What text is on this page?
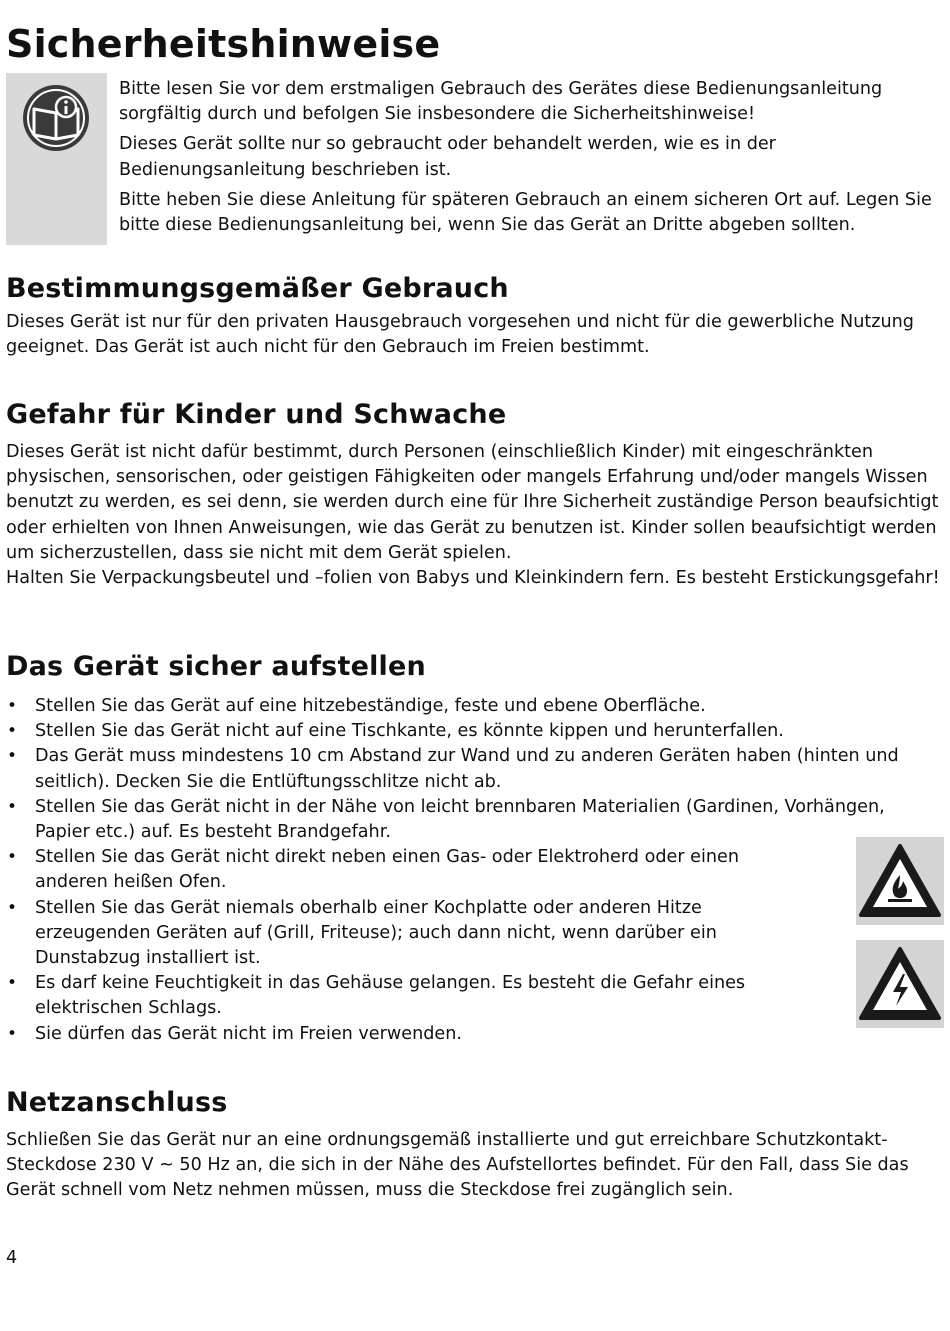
Sicherheitshinweise

Bitte lesen Sie vor dem erstmaligen Gebrauch des Gerätes diese Bedienungsanleitung sorgfältig durch und befolgen Sie insbesondere die Sicherheitshinweise!

Dieses Gerät sollte nur so gebraucht oder behandelt werden, wie es in der Bedienungsanleitung beschrieben ist.

Bitte heben Sie diese Anleitung für späteren Gebrauch an einem sicheren Ort auf. Legen Sie bitte diese Bedienungsanleitung bei, wenn Sie das Gerät an Dritte abgeben sollten.

Bestimmungsgemäßer Gebrauch

Dieses Gerät ist nur für den privaten Hausgebrauch vorgesehen und nicht für die gewerbliche Nutzung geeignet. Das Gerät ist auch nicht für den Gebrauch im Freien bestimmt.

Gefahr für Kinder und Schwache

Dieses Gerät ist nicht dafür bestimmt, durch Personen (einschließlich Kinder) mit eingeschränkten physischen, sensorischen, oder geistigen Fähigkeiten oder mangels Erfahrung und/oder mangels Wissen benutzt zu werden, es sei denn, sie werden durch eine für Ihre Sicherheit zuständige Person beaufsichtigt oder erhielten von Ihnen Anweisungen, wie das Gerät zu benutzen ist. Kinder sollen beaufsichtigt werden um sicherzustellen, dass sie nicht mit dem Gerät spielen.

Halten Sie Verpackungsbeutel und –folien von Babys und Kleinkindern fern. Es besteht Erstickungsgefahr!

Das Gerät sicher aufstellen
• Stellen Sie das Gerät auf eine hitzebeständige, feste und ebene Oberfläche.
• Stellen Sie das Gerät nicht auf eine Tischkante, es könnte kippen und herunterfallen.
• Das Gerät muss mindestens 10 cm Abstand zur Wand und zu anderen Geräten haben (hinten und seitlich). Decken Sie die Entlüftungsschlitze nicht ab.
• Stellen Sie das Gerät nicht in der Nähe von leicht brennbaren Materialien (Gardinen, Vorhängen, Papier etc.) auf. Es besteht Brandgefahr.
• Stellen Sie das Gerät nicht direkt neben einen Gas- oder Elektroherd oder einen anderen heißen Ofen.
• Stellen Sie das Gerät niemals oberhalb einer Kochplatte oder anderen Hitze erzeugenden Geräten auf (Grill, Friteuse); auch dann nicht, wenn darüber ein Dunstabzug installiert ist.
• Es darf keine Feuchtigkeit in das Gehäuse gelangen. Es besteht die Gefahr eines elektrischen Schlags.
• Sie dürfen das Gerät nicht im Freien verwenden.
Netzanschluss

Schließen Sie das Gerät nur an eine ordnungsgemäß installierte und gut erreichbare Schutzkontakt-Steckdose 230 V ~ 50 Hz an, die sich in der Nähe des Aufstellortes befindet. Für den Fall, dass Sie das Gerät schnell vom Netz nehmen müssen, muss die Steckdose frei zugänglich sein.

4
